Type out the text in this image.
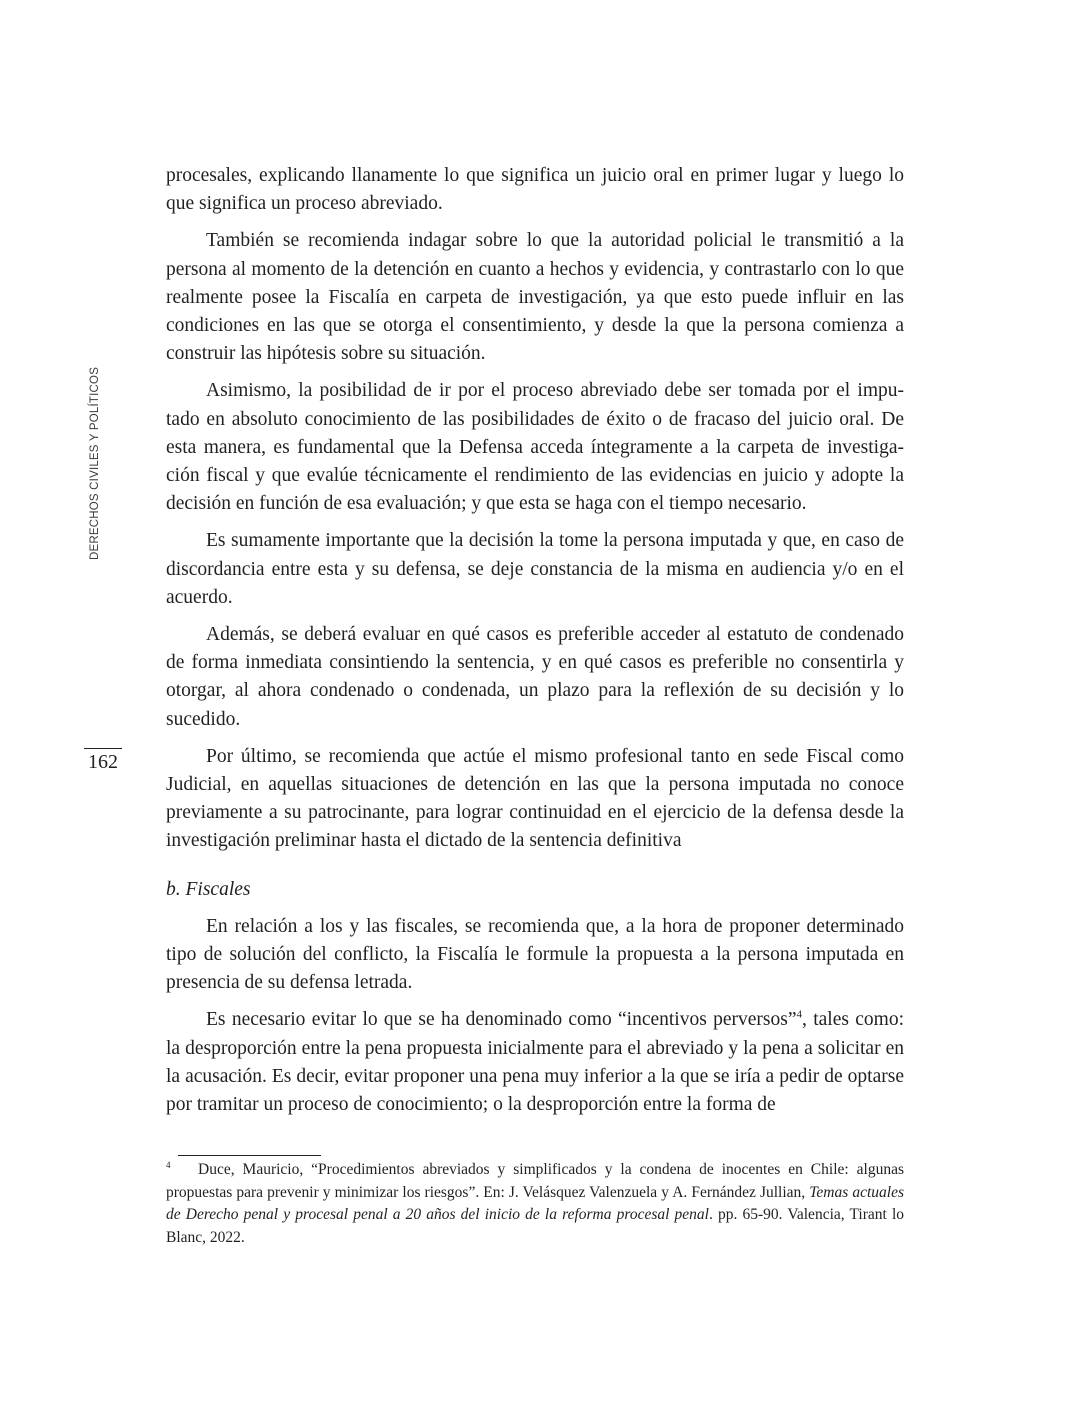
DERECHOS CIVILES Y POLÍTICOS
162

procesales, explicando llanamente lo que significa un juicio oral en primer lugar y luego lo que significa un proceso abreviado.

También se recomienda indagar sobre lo que la autoridad policial le transmitió a la persona al momento de la detención en cuanto a hechos y evidencia, y contrastarlo con lo que realmente posee la Fiscalía en carpeta de investigación, ya que esto puede influir en las condiciones en las que se otorga el consentimiento, y desde la que la persona comienza a construir las hipótesis sobre su situación.

Asimismo, la posibilidad de ir por el proceso abreviado debe ser tomada por el impu-tado en absoluto conocimiento de las posibilidades de éxito o de fracaso del juicio oral. De esta manera, es fundamental que la Defensa acceda íntegramente a la carpeta de investiga-ción fiscal y que evalúe técnicamente el rendimiento de las evidencias en juicio y adopte la decisión en función de esa evaluación; y que esta se haga con el tiempo necesario.

Es sumamente importante que la decisión la tome la persona imputada y que, en caso de discordancia entre esta y su defensa, se deje constancia de la misma en audiencia y/o en el acuerdo.

Además, se deberá evaluar en qué casos es preferible acceder al estatuto de condenado de forma inmediata consintiendo la sentencia, y en qué casos es preferible no consentirla y otorgar, al ahora condenado o condenada, un plazo para la reflexión de su decisión y lo sucedido.

Por último, se recomienda que actúe el mismo profesional tanto en sede Fiscal como Judicial, en aquellas situaciones de detención en las que la persona imputada no conoce previamente a su patrocinante, para lograr continuidad en el ejercicio de la defensa desde la investigación preliminar hasta el dictado de la sentencia definitiva

b. Fiscales

En relación a los y las fiscales, se recomienda que, a la hora de proponer determinado tipo de solución del conflicto, la Fiscalía le formule la propuesta a la persona imputada en presencia de su defensa letrada.

Es necesario evitar lo que se ha denominado como “incentivos perversos”$^4$, tales como: la desproporción entre la pena propuesta inicialmente para el abreviado y la pena a solicitar en la acusación. Es decir, evitar proponer una pena muy inferior a la que se iría a pedir de optarse por tramitar un proceso de conocimiento; o la desproporción entre la forma de

4 Duce, Mauricio, “Procedimientos abreviados y simplificados y la condena de inocentes en Chile: algunas propuestas para prevenir y minimizar los riesgos”. En: J. Velásquez Valenzuela y A. Fernández Jullian, Temas actuales de Derecho penal y procesal penal a 20 años del inicio de la reforma procesal penal. pp. 65-90. Valencia, Tirant lo Blanc, 2022.
